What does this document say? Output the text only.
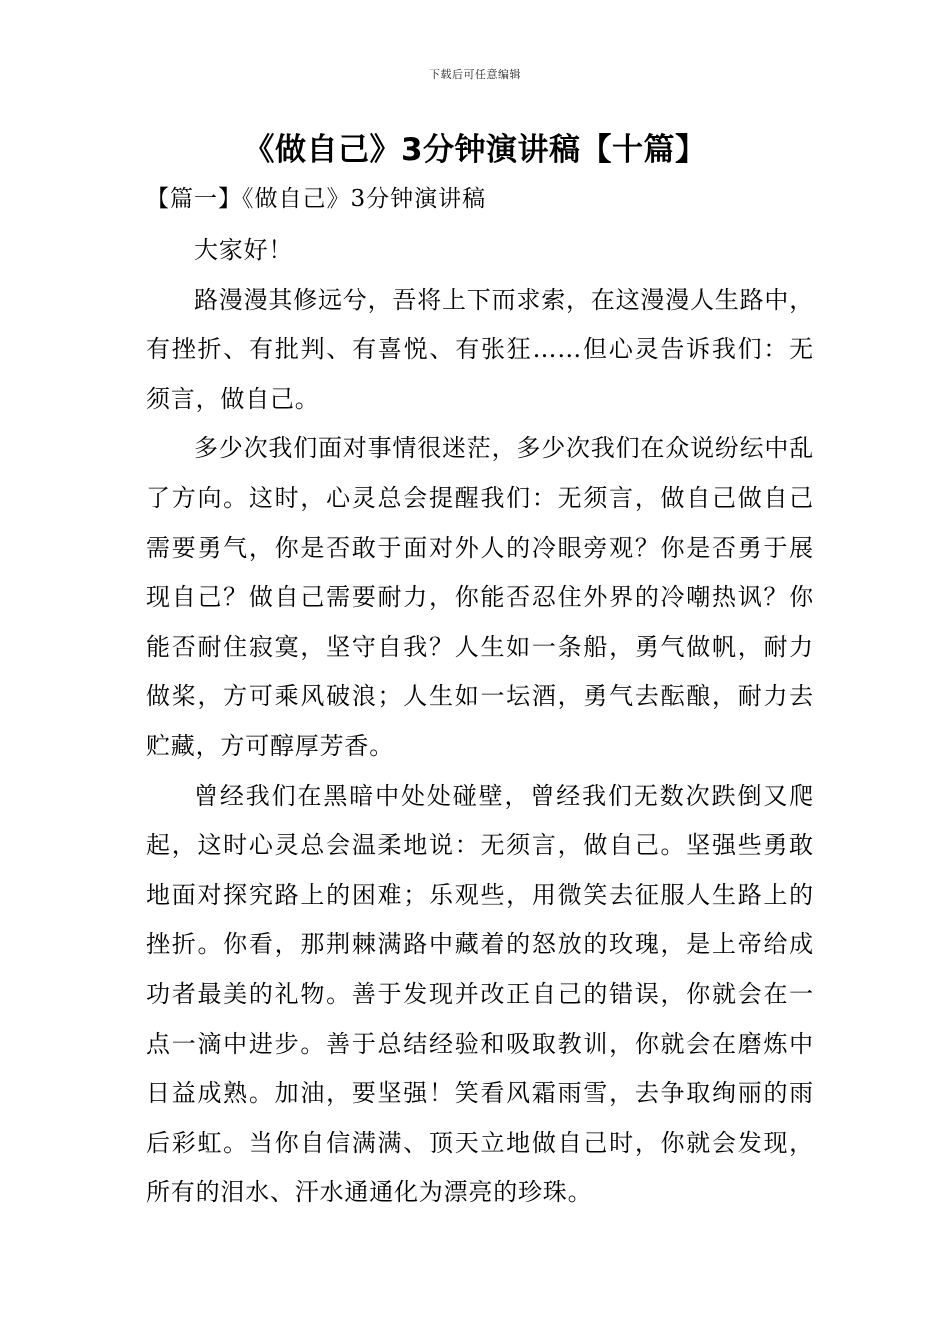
下载后可任意编辑
《做自己》3分钟演讲稿【十篇】
【篇一】《做自己》3分钟演讲稿

大家好！

路漫漫其修远兮，吾将上下而求索，在这漫漫人生路中，有挫折、有批判、有喜悦、有张狂……但心灵告诉我们：无须言，做自己。

多少次我们面对事情很迷茫，多少次我们在众说纷纭中乱了方向。这时，心灵总会提醒我们：无须言，做自己做自己需要勇气，你是否敢于面对外人的冷眼旁观？你是否勇于展现自己？做自己需要耐力，你能否忍住外界的冷嘲热讽？你能否耐住寂寞，坚守自我？人生如一条船，勇气做帆，耐力做桨，方可乘风破浪；人生如一坛酒，勇气去酝酿，耐力去贮藏，方可醇厚芳香。

曾经我们在黑暗中处处碰壁，曾经我们无数次跌倒又爬起，这时心灵总会温柔地说：无须言，做自己。坚强些勇敢地面对探究路上的困难；乐观些，用微笑去征服人生路上的挫折。你看，那荆棘满路中藏着的怒放的玫瑰，是上帝给成功者最美的礼物。善于发现并改正自己的错误，你就会在一点一滴中进步。善于总结经验和吸取教训，你就会在磨炼中日益成熟。加油，要坚强！笑看风霜雨雪，去争取绚丽的雨后彩虹。当你自信满满、顶天立地做自己时，你就会发现，所有的泪水、汗水通通化为漂亮的珍珠。
